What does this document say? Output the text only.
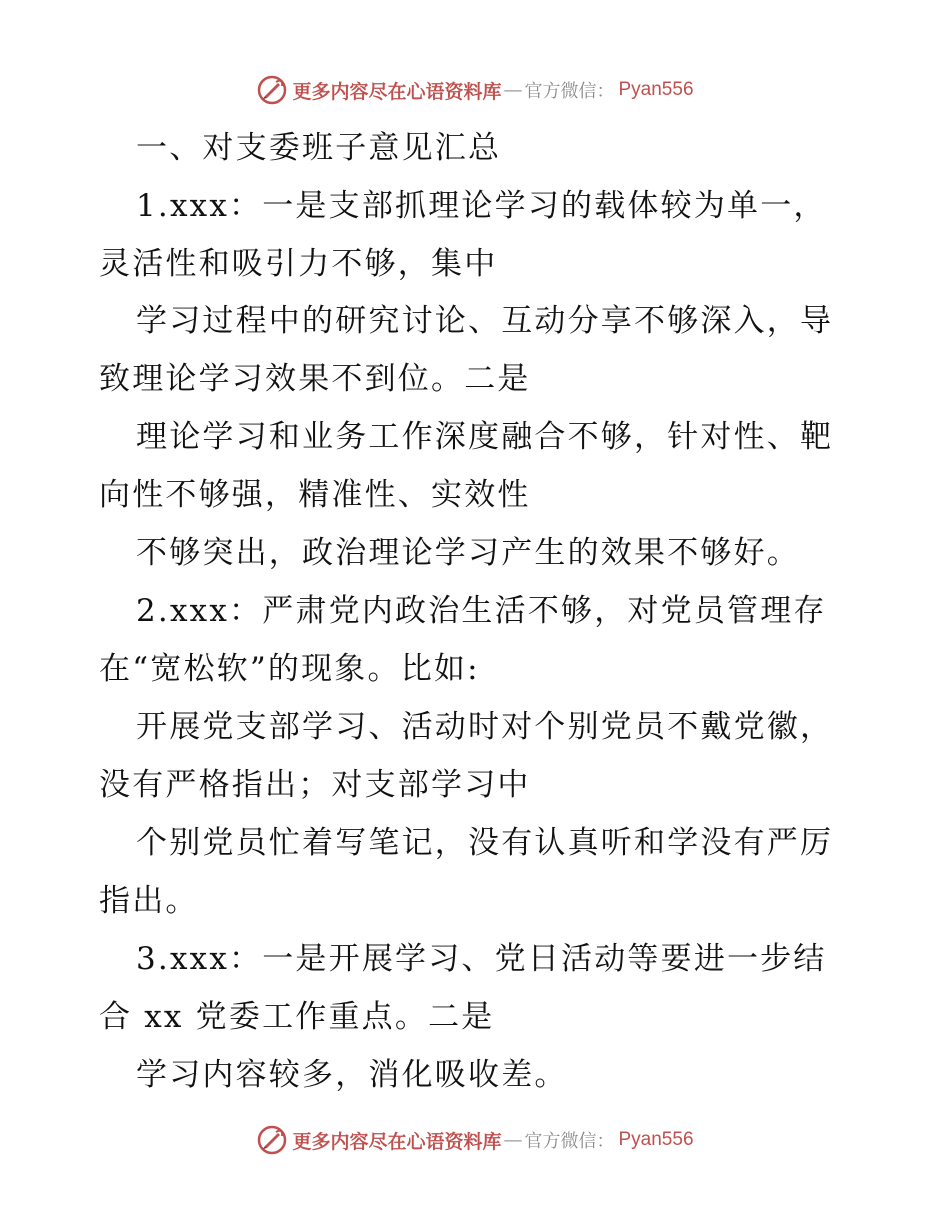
更多内容尽在心语资料库 — 官方微信： Pyan556
一、对支委班子意见汇总
1.xxx：一是支部抓理论学习的载体较为单一，
灵活性和吸引力不够，集中
学习过程中的研究讨论、互动分享不够深入，导
致理论学习效果不到位。二是
理论学习和业务工作深度融合不够，针对性、靶
向性不够强，精准性、实效性
不够突出，政治理论学习产生的效果不够好。
2.xxx：严肃党内政治生活不够，对党员管理存
在“宽松软”的现象。比如:
开展党支部学习、活动时对个别党员不戴党徽，
没有严格指出；对支部学习中
个别党员忙着写笔记，没有认真听和学没有严厉
指出。
3.xxx：一是开展学习、党日活动等要进一步结
合 xx 党委工作重点。二是
学习内容较多，消化吸收差。
更多内容尽在心语资料库 — 官方微信： Pyan556
